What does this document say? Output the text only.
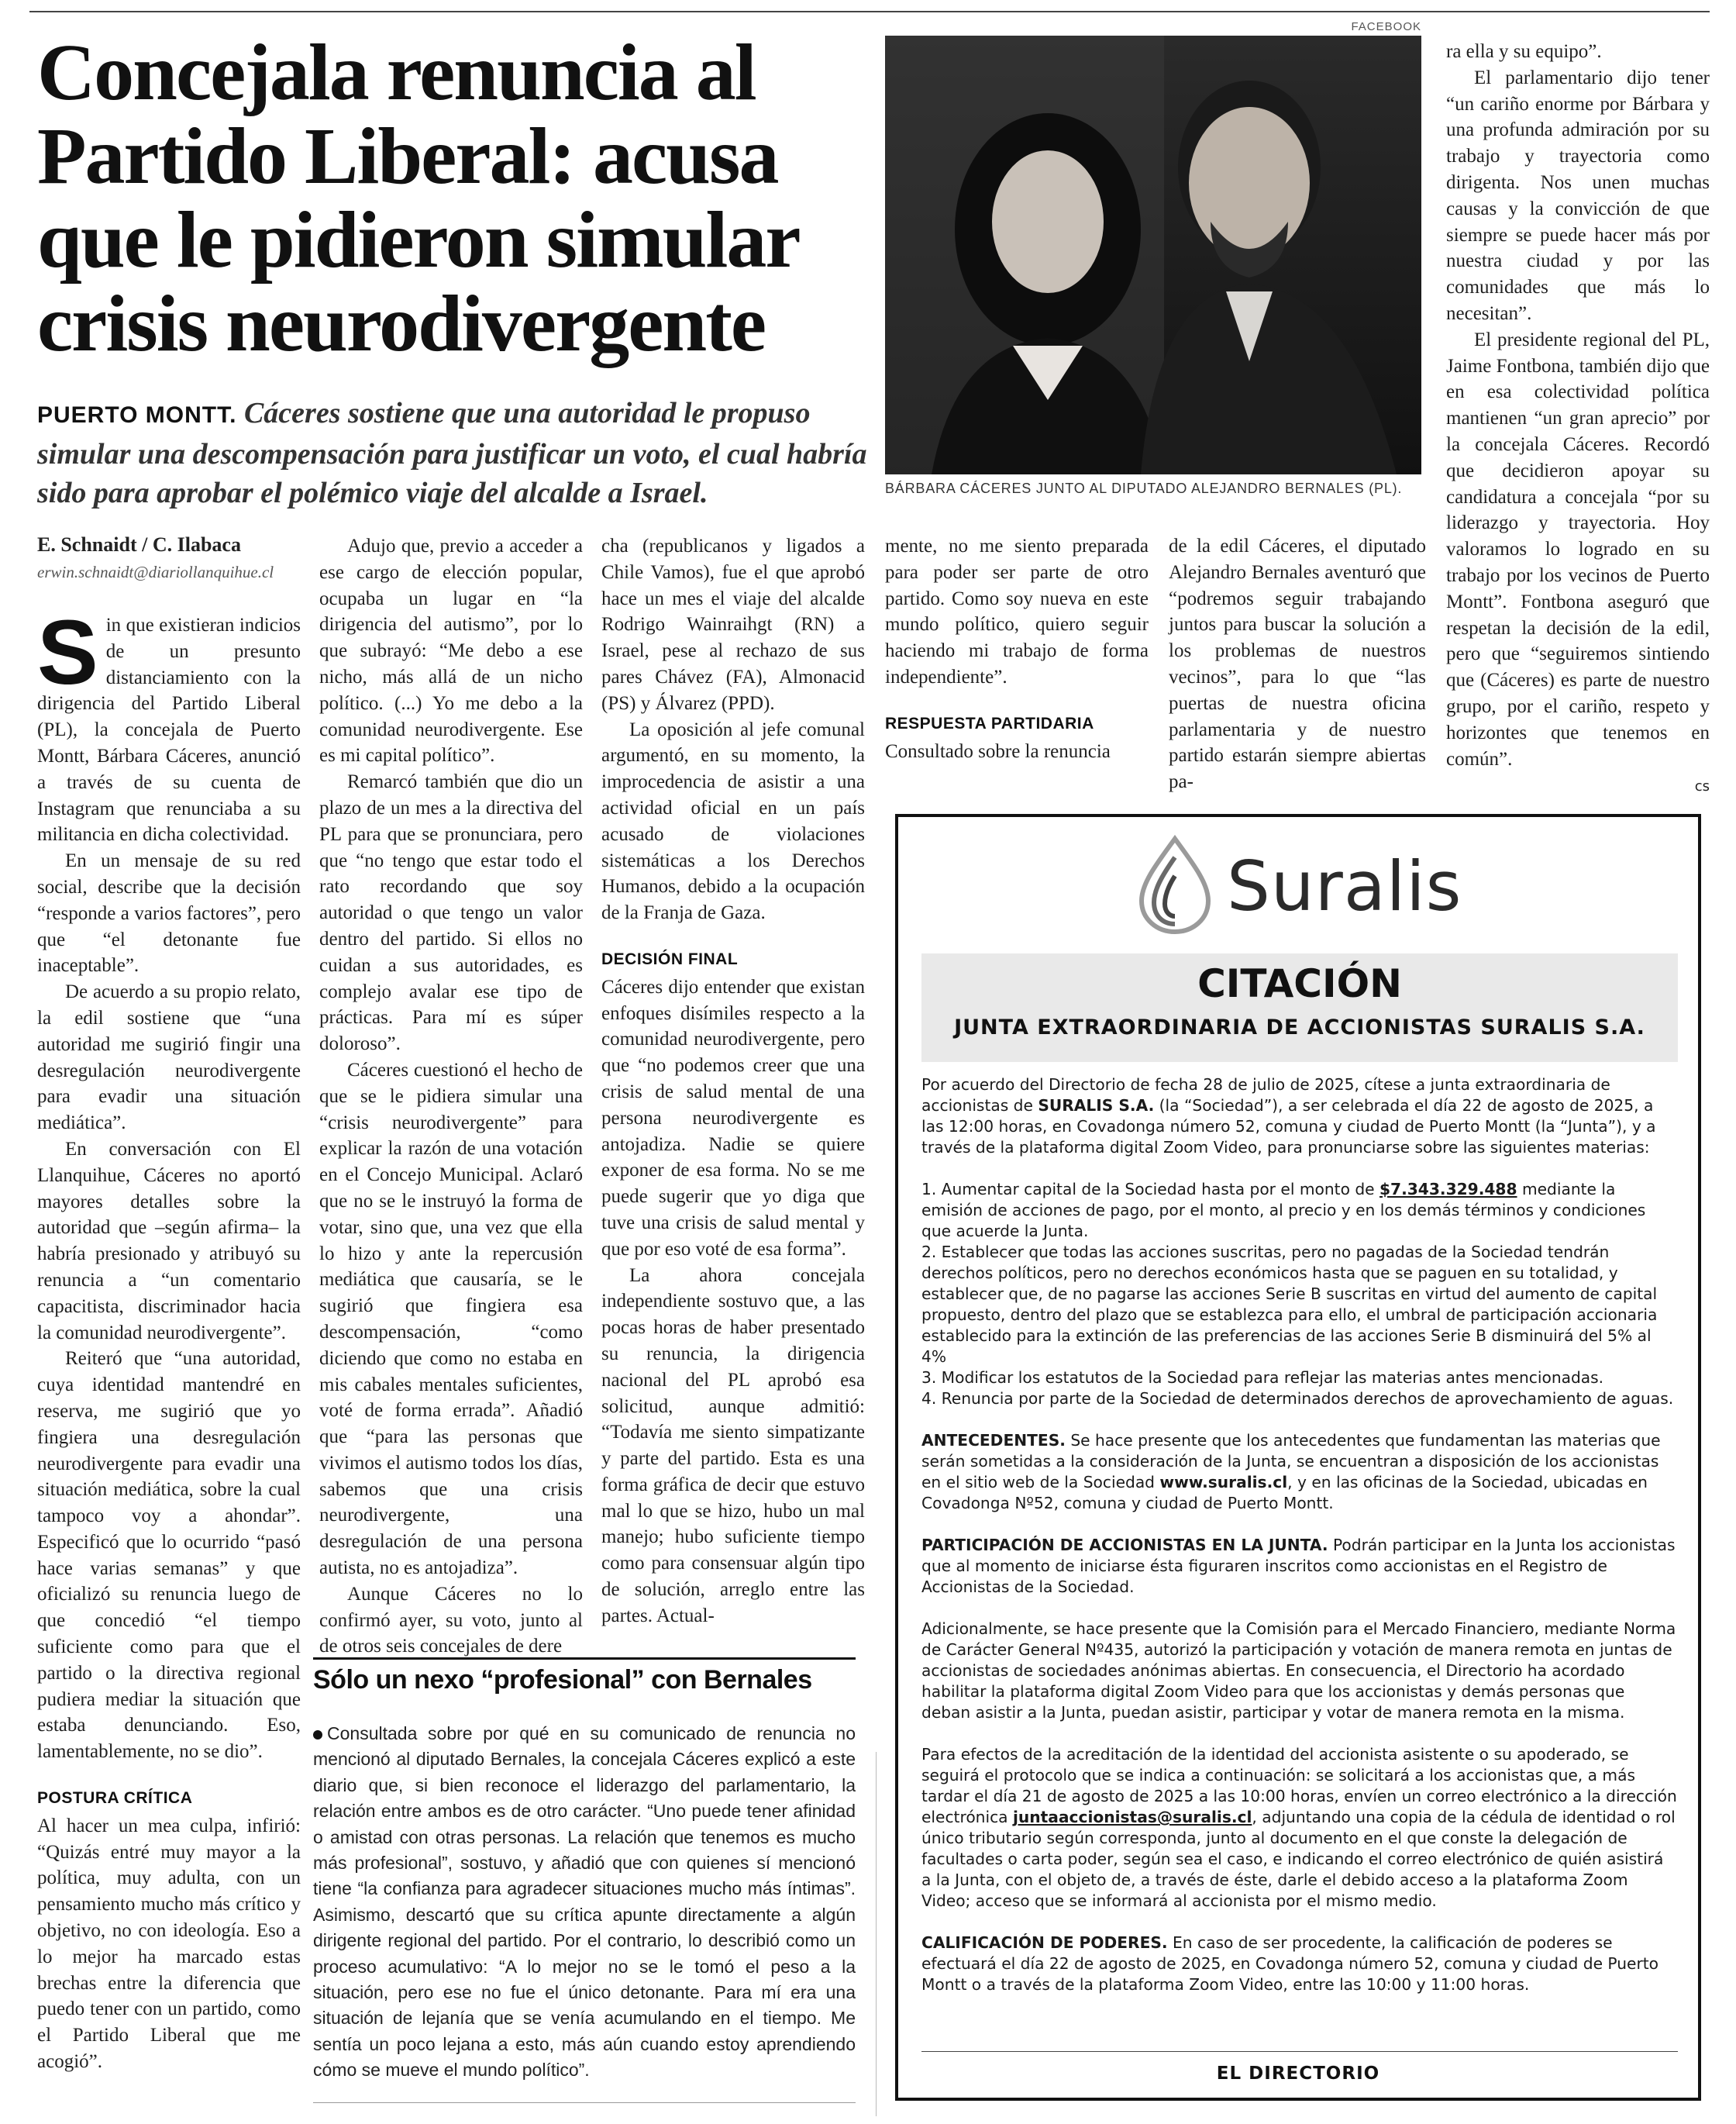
Concejala renuncia al Partido Liberal: acusa que le pidieron simular crisis neurodivergente

PUERTO MONTT. Cáceres sostiene que una autoridad le propuso simular una descompensación para justificar un voto, el cual habría sido para aprobar el polémico viaje del alcalde a Israel.

E. Schnaidt / C. Ilabaca
erwin.schnaidt@diariollanquihue.cl
FACEBOOK
BÁRBARA CÁCERES JUNTO AL DIPUTADO ALEJANDRO BERNALES (PL).
S in que existieran indicios de un presunto distanciamiento con la dirigencia del Partido Liberal (PL), la concejala de Puerto Montt, Bárbara Cáceres, anunció a través de su cuenta de Instagram que renunciaba a su militancia en dicha colectividad.

En un mensaje de su red social, describe que la decisión “responde a varios factores”, pero que “el detonante fue inaceptable”.

De acuerdo a su propio relato, la edil sostiene que “una autoridad me sugirió fingir una desregulación neurodivergente para evadir una situación mediática”.

En conversación con El Llanquihue, Cáceres no aportó mayores detalles sobre la autoridad que –según afirma– la habría presionado y atribuyó su renuncia a “un comentario capacitista, discriminador hacia la comunidad neurodivergente”.

Reiteró que “una autoridad, cuya identidad mantendré en reserva, me sugirió que yo fingiera una desregulación neurodivergente para evadir una situación mediática, sobre la cual tampoco voy a ahondar”. Especificó que lo ocurrido “pasó hace varias semanas” y que oficializó su renuncia luego de que concedió “el tiempo suficiente como para que el partido o la directiva regional pudiera mediar la situación que estaba denunciando. Eso, lamentablemente, no se dio”.

POSTURA CRÍTICA

Al hacer un mea culpa, infirió: “Quizás entré muy mayor a la política, muy adulta, con un pensamiento mucho más crítico y objetivo, no con ideología. Eso a lo mejor ha marcado estas brechas entre la diferencia que puedo tener con un partido, como el Partido Liberal que me acogió”.

Adujo que, previo a acceder a ese cargo de elección popular, ocupaba un lugar en “la dirigencia del autismo”, por lo que subrayó: “Me debo a ese nicho, más allá de un nicho político. (...) Yo me debo a la comunidad neurodivergente. Ese es mi capital político”.

Remarcó también que dio un plazo de un mes a la directiva del PL para que se pronunciara, pero que “no tengo que estar todo el rato recordando que soy autoridad o que tengo un valor dentro del partido. Si ellos no cuidan a sus autoridades, es complejo avalar ese tipo de prácticas. Para mí es súper doloroso”.

Cáceres cuestionó el hecho de que se le pidiera simular una “crisis neurodivergente” para explicar la razón de una votación en el Concejo Municipal. Aclaró que no se le instruyó la forma de votar, sino que, una vez que ella lo hizo y ante la repercusión mediática que causaría, se le sugirió que fingiera esa descompensación, “como diciendo que como no estaba en mis cabales mentales suficientes, voté de forma errada”. Añadió que “para las personas que vivimos el autismo todos los días, sabemos que una crisis neurodivergente, una desregulación de una persona autista, no es antojadiza”.

Aunque Cáceres no lo confirmó ayer, su voto, junto al de otros seis concejales de dere

cha (republicanos y ligados a Chile Vamos), fue el que aprobó hace un mes el viaje del alcalde Rodrigo Wainraihgt (RN) a Israel, pese al rechazo de sus pares Chávez (FA), Almonacid (PS) y Álvarez (PPD).

La oposición al jefe comunal argumentó, en su momento, la improcedencia de asistir a una actividad oficial en un país acusado de violaciones sistemáticas a los Derechos Humanos, debido a la ocupación de la Franja de Gaza.

DECISIÓN FINAL

Cáceres dijo entender que existan enfoques disímiles respecto a la comunidad neurodivergente, pero que “no podemos creer que una crisis de salud mental de una persona neurodivergente es antojadiza. Nadie se quiere exponer de esa forma. No se me puede sugerir que yo diga que tuve una crisis de salud mental y que por eso voté de esa forma”.

La ahora concejala independiente sostuvo que, a las pocas horas de haber presentado su renuncia, la dirigencia nacional del PL aprobó esa solicitud, aunque admitió: “Todavía me siento simpatizante y parte del partido. Esta es una forma gráfica de decir que estuvo mal lo que se hizo, hubo un mal manejo; hubo suficiente tiempo como para consensuar algún tipo de solución, arreglo entre las partes. Actual-

mente, no me siento preparada para poder ser parte de otro partido. Como soy nueva en este mundo político, quiero seguir haciendo mi trabajo de forma independiente”.

RESPUESTA PARTIDARIA

Consultado sobre la renuncia

de la edil Cáceres, el diputado Alejandro Bernales aventuró que “podremos seguir trabajando juntos para buscar la solución a los problemas de nuestros vecinos”, para lo que “las puertas de nuestra oficina parlamentaria y de nuestro partido estarán siempre abiertas pa-

ra ella y su equipo”.

El parlamentario dijo tener “un cariño enorme por Bárbara y una profunda admiración por su trabajo y trayectoria como dirigenta. Nos unen muchas causas y la convicción de que siempre se puede hacer más por nuestra ciudad y por las comunidades que más lo necesitan”.

El presidente regional del PL, Jaime Fontbona, también dijo que en esa colectividad política mantienen “un gran aprecio” por la concejala Cáceres. Recordó que decidieron apoyar su candidatura a concejala “por su liderazgo y trayectoria. Hoy valoramos lo logrado en su trabajo por los vecinos de Puerto Montt”. Fontbona aseguró que respetan la decisión de la edil, pero que “seguiremos sintiendo que (Cáceres) es parte de nuestro grupo, por el cariño, respeto y horizontes que tenemos en común”.

cs

Sólo un nexo “profesional” con Bernales
Consultada sobre por qué en su comunicado de renuncia no mencionó al diputado Bernales, la concejala Cáceres explicó a este diario que, si bien reconoce el liderazgo del parlamentario, la relación entre ambos es de otro carácter. “Uno puede tener afinidad o amistad con otras personas. La relación que tenemos es mucho más profesional”, sostuvo, y añadió que con quienes sí mencionó tiene “la confianza para agradecer situaciones mucho más íntimas”. Asimismo, descartó que su crítica apunte directamente a algún dirigente regional del partido. Por el contrario, lo describió como un proceso acumulativo: “A lo mejor no se le tomó el peso a la situación, pero ese no fue el único detonante. Para mí era una situación de lejanía que se venía acumulando en el tiempo. Me sentía un poco lejana a esto, más aún cuando estoy aprendiendo cómo se mueve el mundo político”.
Suralis
CITACIÓN
JUNTA EXTRAORDINARIA DE ACCIONISTAS SURALIS S.A.

Por acuerdo del Directorio de fecha 28 de julio de 2025, cítese a junta extraordinaria de accionistas de SURALIS S.A. (la “Sociedad”), a ser celebrada el día 22 de agosto de 2025, a las 12:00 horas, en Covadonga número 52, comuna y ciudad de Puerto Montt (la “Junta”), y a través de la plataforma digital Zoom Video, para pronunciarse sobre las siguientes materias:

1. Aumentar capital de la Sociedad hasta por el monto de $7.343.329.488 mediante la emisión de acciones de pago, por el monto, al precio y en los demás términos y condiciones que acuerde la Junta.

2. Establecer que todas las acciones suscritas, pero no pagadas de la Sociedad tendrán derechos políticos, pero no derechos económicos hasta que se paguen en su totalidad, y establecer que, de no pagarse las acciones Serie B suscritas en virtud del aumento de capital propuesto, dentro del plazo que se establezca para ello, el umbral de participación accionaria establecido para la extinción de las preferencias de las acciones Serie B disminuirá del 5% al 4%

3. Modificar los estatutos de la Sociedad para reflejar las materias antes mencionadas.

4. Renuncia por parte de la Sociedad de determinados derechos de aprovechamiento de aguas.

ANTECEDENTES. Se hace presente que los antecedentes que fundamentan las materias que serán sometidas a la consideración de la Junta, se encuentran a disposición de los accionistas en el sitio web de la Sociedad www.suralis.cl, y en las oficinas de la Sociedad, ubicadas en Covadonga Nº52, comuna y ciudad de Puerto Montt.

PARTICIPACIÓN DE ACCIONISTAS EN LA JUNTA. Podrán participar en la Junta los accionistas que al momento de iniciarse ésta figuraren inscritos como accionistas en el Registro de Accionistas de la Sociedad.

Adicionalmente, se hace presente que la Comisión para el Mercado Financiero, mediante Norma de Carácter General Nº435, autorizó la participación y votación de manera remota en juntas de accionistas de sociedades anónimas abiertas. En consecuencia, el Directorio ha acordado habilitar la plataforma digital Zoom Video para que los accionistas y demás personas que deban asistir a la Junta, puedan asistir, participar y votar de manera remota en la misma.

Para efectos de la acreditación de la identidad del accionista asistente o su apoderado, se seguirá el protocolo que se indica a continuación: se solicitará a los accionistas que, a más tardar el día 21 de agosto de 2025 a las 10:00 horas, envíen un correo electrónico a la dirección electrónica juntaaccionistas@suralis.cl, adjuntando una copia de la cédula de identidad o rol único tributario según corresponda, junto al documento en el que conste la delegación de facultades o carta poder, según sea el caso, e indicando el correo electrónico de quién asistirá a la Junta, con el objeto de, a través de éste, darle el debido acceso a la plataforma Zoom Video; acceso que se informará al accionista por el mismo medio.

CALIFICACIÓN DE PODERES. En caso de ser procedente, la calificación de poderes se efectuará el día 22 de agosto de 2025, en Covadonga número 52, comuna y ciudad de Puerto Montt o a través de la plataforma Zoom Video, entre las 10:00 y 11:00 horas.

EL DIRECTORIO
